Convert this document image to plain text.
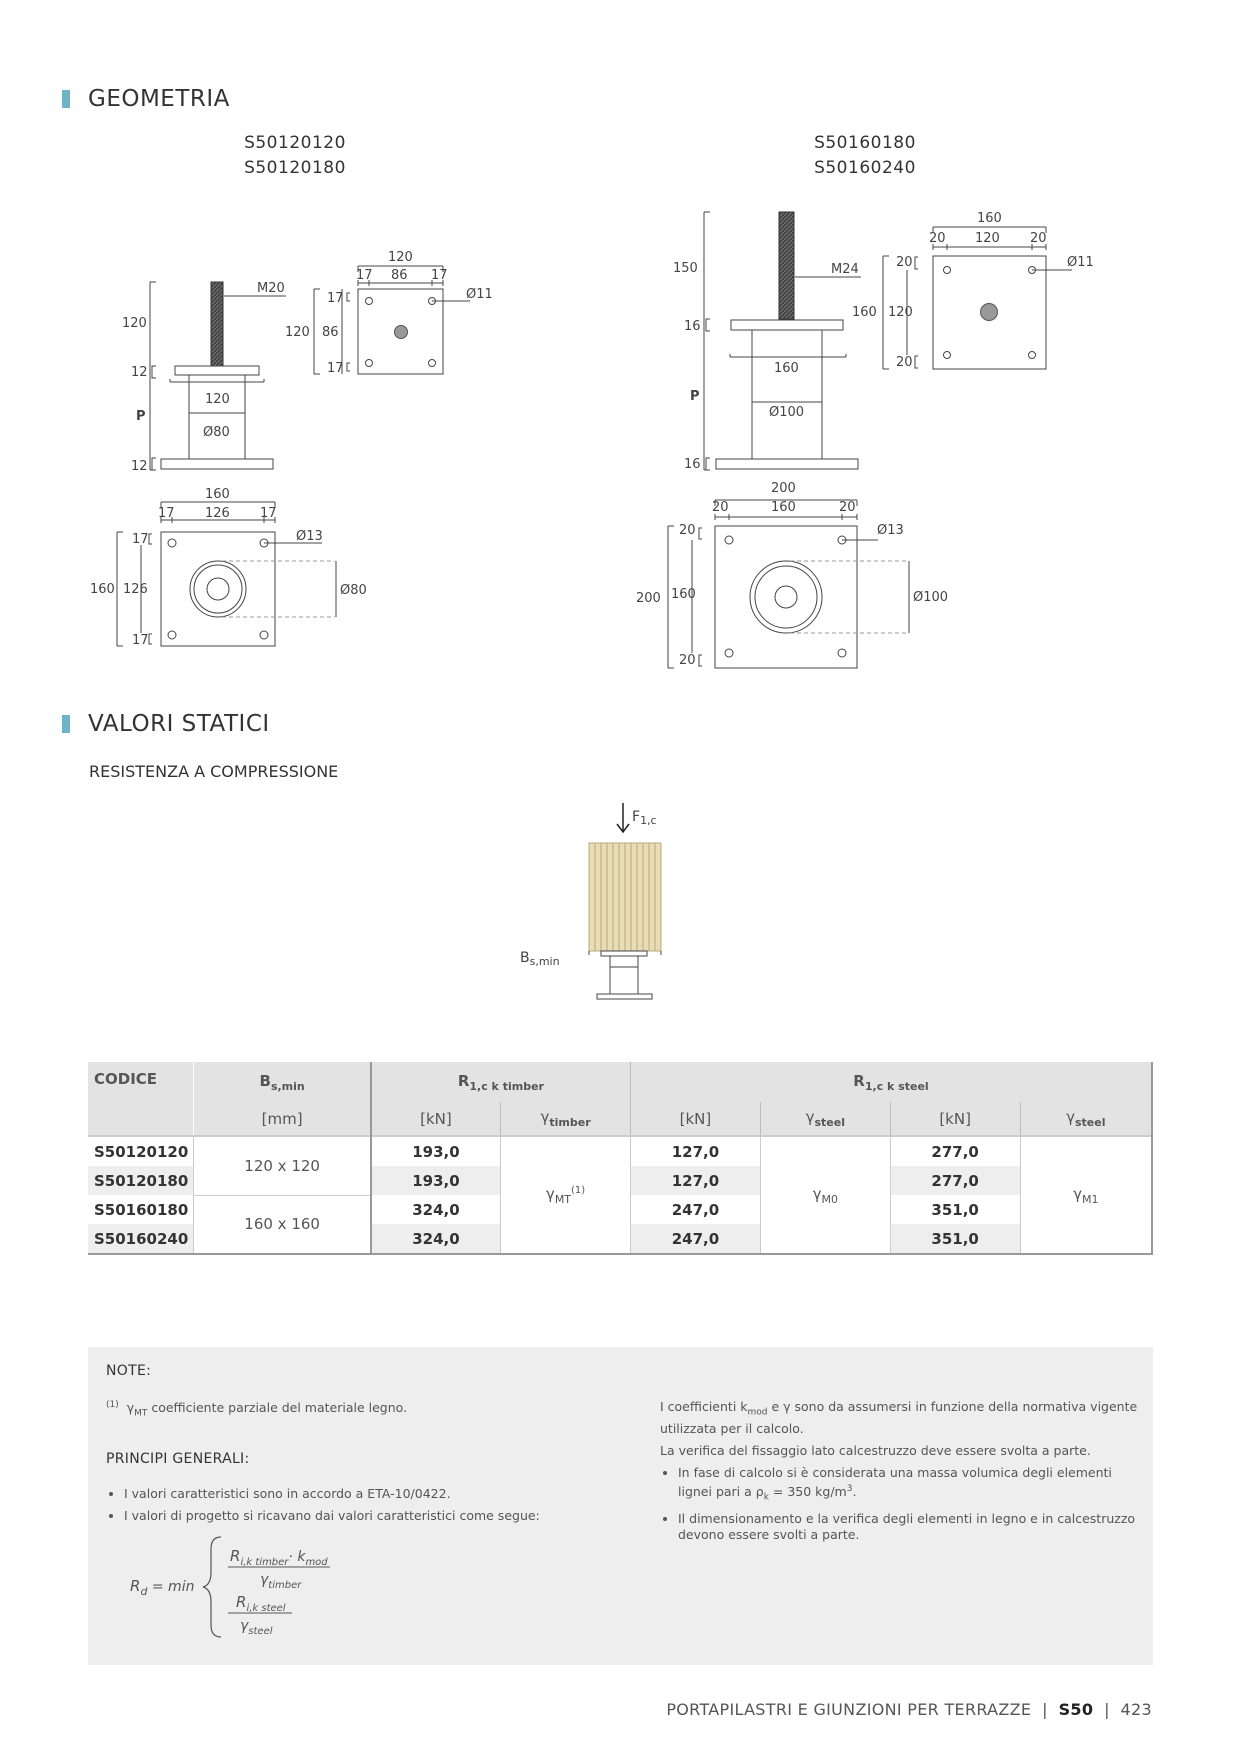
GEOMETRIA
S50120120
S50120180
S50160180
S50160240
M20
120
12
P
12
120
Ø80
120
17 86 17
120 86
17
17
Ø11
160
17 126 17
160 126
17
17
Ø13
Ø80
M24
150
16
P
16
160
Ø100
160
20 120 20
160 120
20
20
Ø11
200
20	160	20
200 160
20
20
Ø13
Ø100
VALORI STATICI
RESISTENZA A COMPRESSIONE
$F_{1,c}$
$B_{s,min}$
CODICE	$B_{s,min}$	$R_{1,c k timber}$		$R_{1,c k steel}$
	[mm]	[kN]	$\gamma_{timber}$	[kN]	$\gamma_{steel}$	[kN]	$\gamma_{steel}$
S50120120	120 x 120	193,0	$\gamma_{MT}^{(1)}$	127,0	$\gamma_{M0}$	277,0	$\gamma_{M1}$
S50120180		193,0		127,0		277,0	
S50160180	160 x 160	324,0		247,0		351,0	
S50160240		324,0		247,0		351,0	
NOTE:
$^{(1)}$ $\gamma_{MT}$ coefficiente parziale del materiale legno.
PRINCIPI GENERALI:
• I valori caratteristici sono in accordo a ETA-10/0422.
• I valori di progetto si ricavano dai valori caratteristici come segue:
$R_d = \min$
$R_{i,k timber}\cdot k_{mod}$
$\gamma_{timber}$
$R_{i,k steel}$
$\gamma_{steel}$
I coefficienti $k_{mod}$ e γ sono da assumersi in funzione della normativa vigente utilizzata per il calcolo.
La verifica del fissaggio lato calcestruzzo deve essere svolta a parte.
• In fase di calcolo si è considerata una massa volumica degli elementi lignei pari a $\rho_k = 350$ $kg/m^3$.
• Il dimensionamento e la verifica degli elementi in legno e in calcestruzzo devono essere svolti a parte.
PORTAPILASTRI E GIUNZIONI PER TERRAZZE | S50 | 423
